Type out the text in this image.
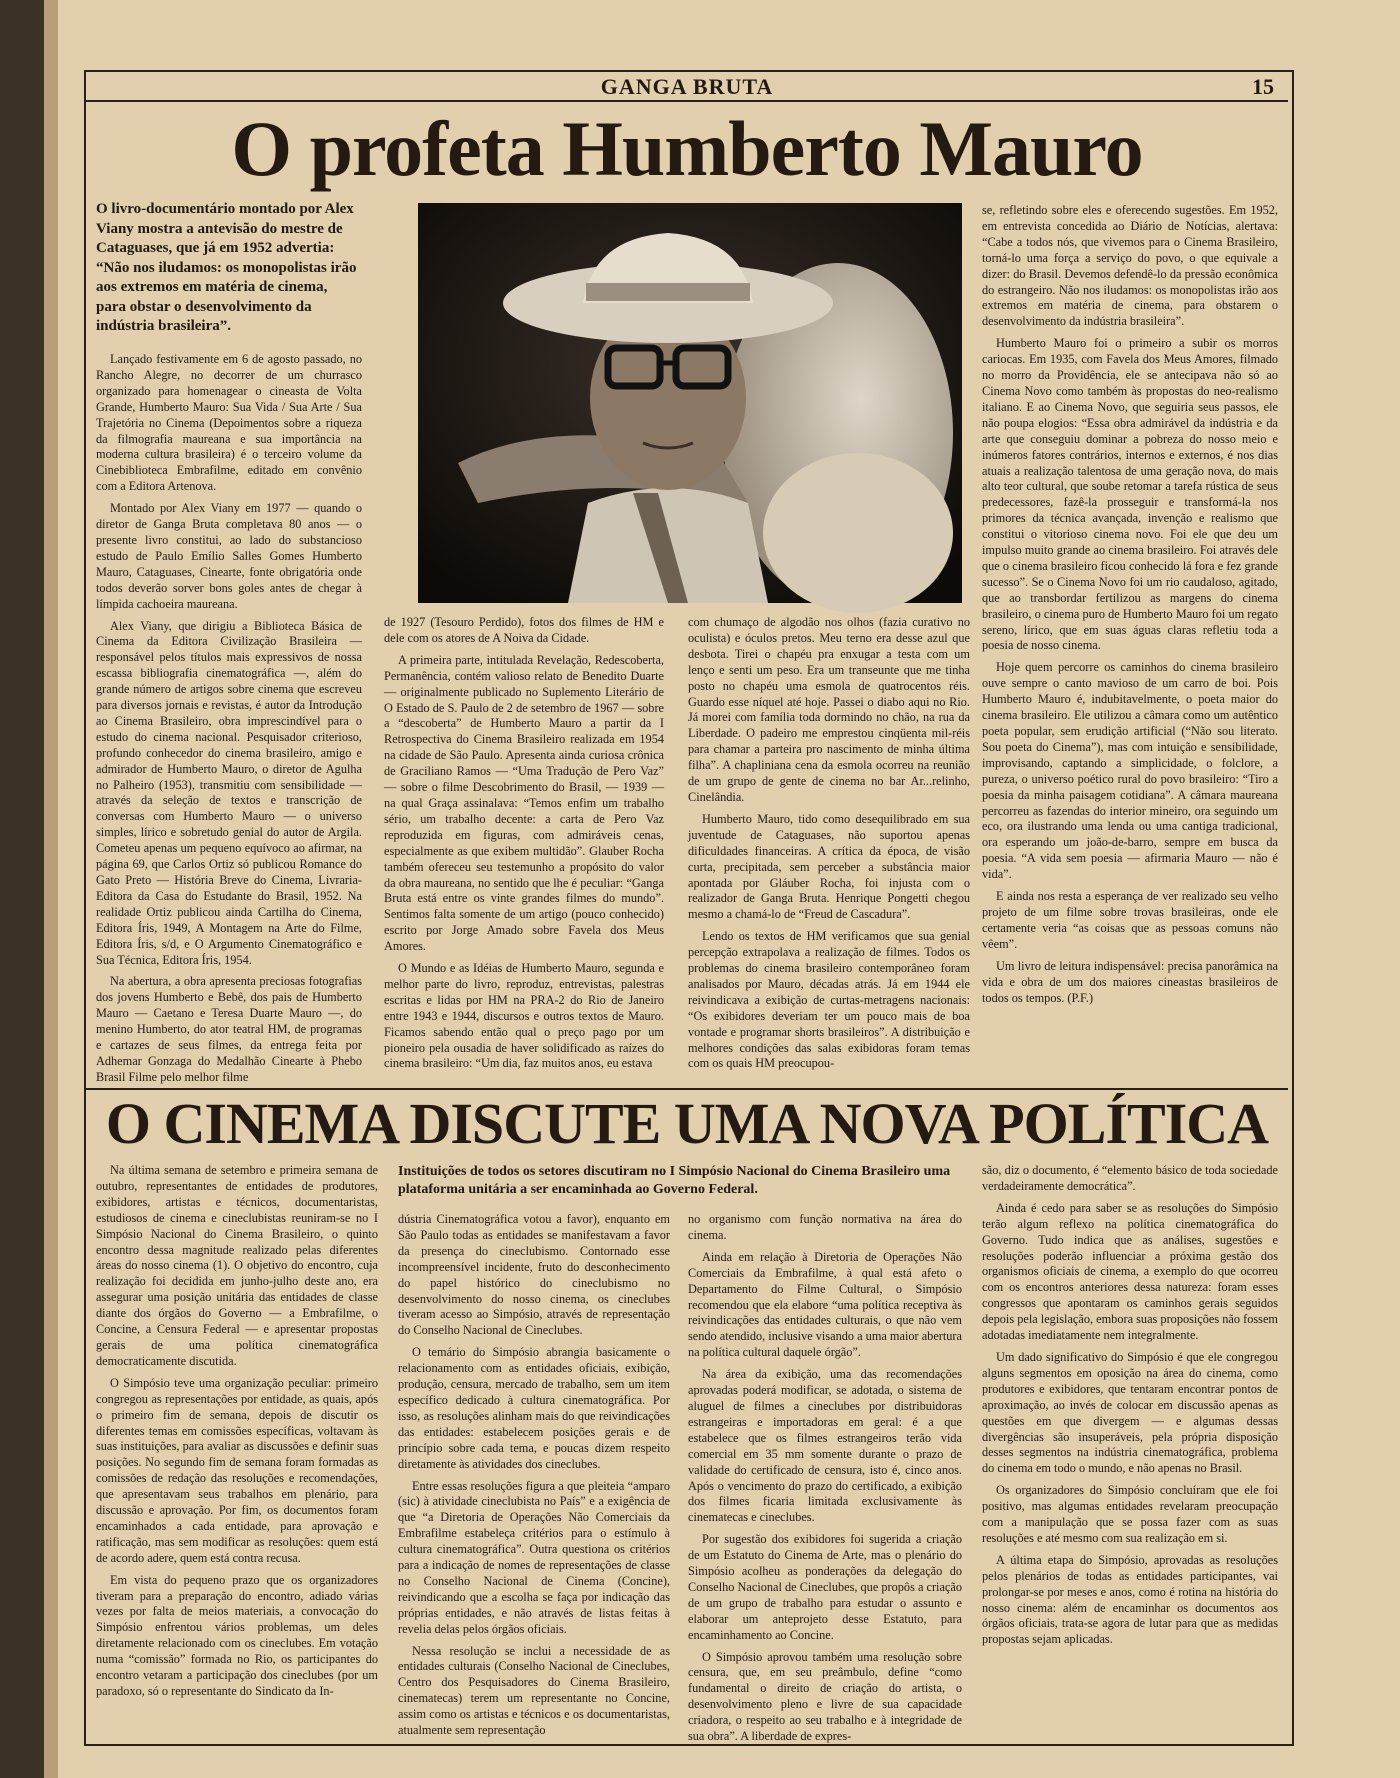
GANGA BRUTA	15
O profeta Humberto Mauro
O livro-documentário montado por Alex Viany mostra a antevisão do mestre de Cataguases, que já em 1952 advertia: “Não nos iludamos: os monopolistas irão aos extremos em matéria de cinema, para obstar o desenvolvimento da indústria brasileira”.

Lançado festivamente em 6 de agosto passado, no Rancho Alegre, no decorrer de um churrasco organizado para homenagear o cineasta de Volta Grande, Humberto Mauro: Sua Vida / Sua Arte / Sua Trajetória no Cinema (Depoimentos sobre a riqueza da filmografia maureana e sua importância na moderna cultura brasileira) é o terceiro volume da Cinebiblioteca Embrafilme, editado em convênio com a Editora Artenova.

Montado por Alex Viany em 1977 — quando o diretor de Ganga Bruta completava 80 anos — o presente livro constitui, ao lado do substancioso estudo de Paulo Emílio Salles Gomes Humberto Mauro, Cataguases, Cinearte, fonte obrigatória onde todos deverão sorver bons goles antes de chegar à límpida cachoeira maureana.

Alex Viany, que dirigiu a Biblioteca Básica de Cinema da Editora Civilização Brasileira — responsável pelos títulos mais expressivos de nossa escassa bibliografia cinematográfica —, além do grande número de artigos sobre cinema que escreveu para diversos jornais e revistas, é autor da Introdução ao Cinema Brasileiro, obra imprescindível para o estudo do cinema nacional. Pesquisador criterioso, profundo conhecedor do cinema brasileiro, amigo e admirador de Humberto Mauro, o diretor de Agulha no Palheiro (1953), transmitiu com sensibilidade — através da seleção de textos e transcrição de conversas com Humberto Mauro — o universo simples, lírico e sobretudo genial do autor de Argila. Cometeu apenas um pequeno equívoco ao afirmar, na página 69, que Carlos Ortiz só publicou Romance do Gato Preto — História Breve do Cinema, Livraria-Editora da Casa do Estudante do Brasil, 1952. Na realidade Ortiz publicou ainda Cartilha do Cinema, Editora Íris, 1949, A Montagem na Arte do Filme, Editora Íris, s/d, e O Argumento Cinematográfico e Sua Técnica, Editora Íris, 1954.

Na abertura, a obra apresenta preciosas fotografias dos jovens Humberto e Bebê, dos pais de Humberto Mauro — Caetano e Teresa Duarte Mauro —, do menino Humberto, do ator teatral HM, de programas e cartazes de seus filmes, da entrega feita por Adhemar Gonzaga do Medalhão Cinearte à Phebo Brasil Filme pelo melhor filme

de 1927 (Tesouro Perdido), fotos dos filmes de HM e dele com os atores de A Noiva da Cidade.

A primeira parte, intitulada Revelação, Redescoberta, Permanência, contém valioso relato de Benedito Duarte — originalmente publicado no Suplemento Literário de O Estado de S. Paulo de 2 de setembro de 1967 — sobre a “descoberta” de Humberto Mauro a partir da I Retrospectiva do Cinema Brasileiro realizada em 1954 na cidade de São Paulo. Apresenta ainda curiosa crônica de Graciliano Ramos — “Uma Tradução de Pero Vaz” — sobre o filme Descobrimento do Brasil, — 1939 — na qual Graça assinalava: “Temos enfim um trabalho sério, um trabalho decente: a carta de Pero Vaz reproduzida em figuras, com admiráveis cenas, especialmente as que exibem multidão”. Glauber Rocha também ofereceu seu testemunho a propósito do valor da obra maureana, no sentido que lhe é peculiar: “Ganga Bruta está entre os vinte grandes filmes do mundo”. Sentimos falta somente de um artigo (pouco conhecido) escrito por Jorge Amado sobre Favela dos Meus Amores.

O Mundo e as Idéias de Humberto Mauro, segunda e melhor parte do livro, reproduz, entrevistas, palestras escritas e lidas por HM na PRA-2 do Rio de Janeiro entre 1943 e 1944, discursos e outros textos de Mauro. Ficamos sabendo então qual o preço pago por um pioneiro pela ousadia de haver solidificado as raízes do cinema brasileiro: “Um dia, faz muitos anos, eu estava

com chumaço de algodão nos olhos (fazia curativo no oculista) e óculos pretos. Meu terno era desse azul que desbota. Tirei o chapéu pra enxugar a testa com um lenço e senti um peso. Era um transeunte que me tinha posto no chapéu uma esmola de quatrocentos réis. Guardo esse níquel até hoje. Passei o diabo aqui no Rio. Já morei com família toda dormindo no chão, na rua da Liberdade. O padeiro me emprestou cinqüenta mil-réis para chamar a parteira pro nascimento de minha última filha”. A chapliniana cena da esmola ocorreu na reunião de um grupo de gente de cinema no bar Ar...relinho, Cinelândia.

Humberto Mauro, tido como desequilibrado em sua juventude de Cataguases, não suportou apenas dificuldades financeiras. A crítica da época, de visão curta, precipitada, sem perceber a substância maior apontada por Gláuber Rocha, foi injusta com o realizador de Ganga Bruta. Henrique Pongetti chegou mesmo a chamá-lo de “Freud de Cascadura”.

Lendo os textos de HM verificamos que sua genial percepção extrapolava a realização de filmes. Todos os problemas do cinema brasileiro contemporâneo foram analisados por Mauro, décadas atrás. Já em 1944 ele reivindicava a exibição de curtas-metragens nacionais: “Os exibidores deveriam ter um pouco mais de boa vontade e programar shorts brasileiros”. A distribuição e melhores condições das salas exibidoras foram temas com os quais HM preocupou-

se, refletindo sobre eles e oferecendo sugestões. Em 1952, em entrevista concedida ao Diário de Notícias, alertava: “Cabe a todos nós, que vivemos para o Cinema Brasileiro, torná-lo uma força a serviço do povo, o que equivale a dizer: do Brasil. Devemos defendê-lo da pressão econômica do estrangeiro. Não nos iludamos: os monopolistas irão aos extremos em matéria de cinema, para obstarem o desenvolvimento da indústria brasileira”.

Humberto Mauro foi o primeiro a subir os morros cariocas. Em 1935, com Favela dos Meus Amores, filmado no morro da Providência, ele se antecipava não só ao Cinema Novo como também às propostas do neo-realismo italiano. E ao Cinema Novo, que seguiria seus passos, ele não poupa elogios: “Essa obra admirável da indústria e da arte que conseguiu dominar a pobreza do nosso meio e inúmeros fatores contrários, internos e externos, é nos dias atuais a realização talentosa de uma geração nova, do mais alto teor cultural, que soube retomar a tarefa rústica de seus predecessores, fazê-la prosseguir e transformá-la nos primores da técnica avançada, invenção e realismo que constitui o vitorioso cinema novo. Foi ele que deu um impulso muito grande ao cinema brasileiro. Foi através dele que o cinema brasileiro ficou conhecido lá fora e fez grande sucesso”. Se o Cinema Novo foi um rio caudaloso, agitado, que ao transbordar fertilizou as margens do cinema brasileiro, o cinema puro de Humberto Mauro foi um regato sereno, lírico, que em suas águas claras refletiu toda a poesia de nosso cinema.

Hoje quem percorre os caminhos do cinema brasileiro ouve sempre o canto mavioso de um carro de boi. Pois Humberto Mauro é, indubitavelmente, o poeta maior do cinema brasileiro. Ele utilizou a câmara como um autêntico poeta popular, sem erudição artificial (“Não sou literato. Sou poeta do Cinema”), mas com intuição e sensibilidade, improvisando, captando a simplicidade, o folclore, a pureza, o universo poético rural do povo brasileiro: “Tiro a poesia da minha paisagem cotidiana”. A câmara maureana percorreu as fazendas do interior mineiro, ora seguindo um eco, ora ilustrando uma lenda ou uma cantiga tradicional, ora esperando um joão-de-barro, sempre em busca da poesia. “A vida sem poesia — afirmaria Mauro — não é vida”.

E ainda nos resta a esperança de ver realizado seu velho projeto de um filme sobre trovas brasileiras, onde ele certamente veria “as coisas que as pessoas comuns não vêem”.

Um livro de leitura indispensável: precisa panorâmica na vida e obra de um dos maiores cineastas brasileiros de todos os tempos. (P.F.)

O CINEMA DISCUTE UMA NOVA POLÍTICA
Instituições de todos os setores discutiram no I Simpósio Nacional do Cinema Brasileiro uma plataforma unitária a ser encaminhada ao Governo Federal.

Na última semana de setembro e primeira semana de outubro, representantes de entidades de produtores, exibidores, artistas e técnicos, documentaristas, estudiosos de cinema e cineclubistas reuniram-se no I Simpósio Nacional do Cinema Brasileiro, o quinto encontro dessa magnitude realizado pelas diferentes áreas do nosso cinema (1). O objetivo do encontro, cuja realização foi decidida em junho-julho deste ano, era assegurar uma posição unitária das entidades de classe diante dos órgãos do Governo — a Embrafilme, o Concine, a Censura Federal — e apresentar propostas gerais de uma política cinematográfica democraticamente discutida.

O Simpósio teve uma organização peculiar: primeiro congregou as representações por entidade, as quais, após o primeiro fim de semana, depois de discutir os diferentes temas em comissões específicas, voltavam às suas instituições, para avaliar as discussões e definir suas posições. No segundo fim de semana foram formadas as comissões de redação das resoluções e recomendações, que apresentavam seus trabalhos em plenário, para discussão e aprovação. Por fim, os documentos foram encaminhados a cada entidade, para aprovação e ratificação, mas sem modificar as resoluções: quem está de acordo adere, quem está contra recusa.

Em vista do pequeno prazo que os organizadores tiveram para a preparação do encontro, adiado várias vezes por falta de meios materiais, a convocação do Simpósio enfrentou vários problemas, um deles diretamente relacionado com os cineclubes. Em votação numa “comissão” formada no Rio, os participantes do encontro vetaram a participação dos cineclubes (por um paradoxo, só o representante do Sindicato da In-

dústria Cinematográfica votou a favor), enquanto em São Paulo todas as entidades se manifestavam a favor da presença do cineclubismo. Contornado esse incompreensível incidente, fruto do desconhecimento do papel histórico do cineclubismo no desenvolvimento do nosso cinema, os cineclubes tiveram acesso ao Simpósio, através de representação do Conselho Nacional de Cineclubes.

O temário do Simpósio abrangia basicamente o relacionamento com as entidades oficiais, exibição, produção, censura, mercado de trabalho, sem um item específico dedicado à cultura cinematográfica. Por isso, as resoluções alinham mais do que reivindicações das entidades: estabelecem posições gerais e de princípio sobre cada tema, e poucas dizem respeito diretamente às atividades dos cineclubes.

Entre essas resoluções figura a que pleiteia “amparo (sic) à atividade cineclubista no País” e a exigência de que “a Diretoria de Operações Não Comerciais da Embrafilme estabeleça critérios para o estímulo à cultura cinematográfica”. Outra questiona os critérios para a indicação de nomes de representações de classe no Conselho Nacional de Cinema (Concine), reivindicando que a escolha se faça por indicação das próprias entidades, e não através de listas feitas à revelia delas pelos órgãos oficiais.

Nessa resolução se inclui a necessidade de as entidades culturais (Conselho Nacional de Cineclubes, Centro dos Pesquisadores do Cinema Brasileiro, cinematecas) terem um representante no Concine, assim como os artistas e técnicos e os documentaristas, atualmente sem representação

no organismo com função normativa na área do cinema.

Ainda em relação à Diretoria de Operações Não Comerciais da Embrafilme, à qual está afeto o Departamento do Filme Cultural, o Simpósio recomendou que ela elabore “uma política receptiva às reivindicações das entidades culturais, o que não vem sendo atendido, inclusive visando a uma maior abertura na política cultural daquele órgão”.

Na área da exibição, uma das recomendações aprovadas poderá modificar, se adotada, o sistema de aluguel de filmes a cineclubes por distribuidoras estrangeiras e importadoras em geral: é a que estabelece que os filmes estrangeiros terão vida comercial em 35 mm somente durante o prazo de validade do certificado de censura, isto é, cinco anos. Após o vencimento do prazo do certificado, a exibição dos filmes ficaria limitada exclusivamente às cinematecas e cineclubes.

Por sugestão dos exibidores foi sugerida a criação de um Estatuto do Cinema de Arte, mas o plenário do Simpósio acolheu as ponderações da delegação do Conselho Nacional de Cineclubes, que propôs a criação de um grupo de trabalho para estudar o assunto e elaborar um anteprojeto desse Estatuto, para encaminhamento ao Concine.

O Simpósio aprovou também uma resolução sobre censura, que, em seu preâmbulo, define “como fundamental o direito de criação do artista, o desenvolvimento pleno e livre de sua capacidade criadora, o respeito ao seu trabalho e à integridade de sua obra”. A liberdade de expres-

são, diz o documento, é “elemento básico de toda sociedade verdadeiramente democrática”.

Ainda é cedo para saber se as resoluções do Simpósio terão algum reflexo na política cinematográfica do Governo. Tudo indica que as análises, sugestões e resoluções poderão influenciar a próxima gestão dos organismos oficiais de cinema, a exemplo do que ocorreu com os encontros anteriores dessa natureza: foram esses congressos que apontaram os caminhos gerais seguidos depois pela legislação, embora suas proposições não fossem adotadas imediatamente nem integralmente.

Um dado significativo do Simpósio é que ele congregou alguns segmentos em oposição na área do cinema, como produtores e exibidores, que tentaram encontrar pontos de aproximação, ao invés de colocar em discussão apenas as questões em que divergem — e algumas dessas divergências são insuperáveis, pela própria disposição desses segmentos na indústria cinematográfica, problema do cinema em todo o mundo, e não apenas no Brasil.

Os organizadores do Simpósio concluíram que ele foi positivo, mas algumas entidades revelaram preocupação com a manipulação que se possa fazer com as suas resoluções e até mesmo com sua realização em si.

A última etapa do Simpósio, aprovadas as resoluções pelos plenários de todas as entidades participantes, vai prolongar-se por meses e anos, como é rotina na história do nosso cinema: além de encaminhar os documentos aos órgãos oficiais, trata-se agora de lutar para que as medidas propostas sejam aplicadas.
